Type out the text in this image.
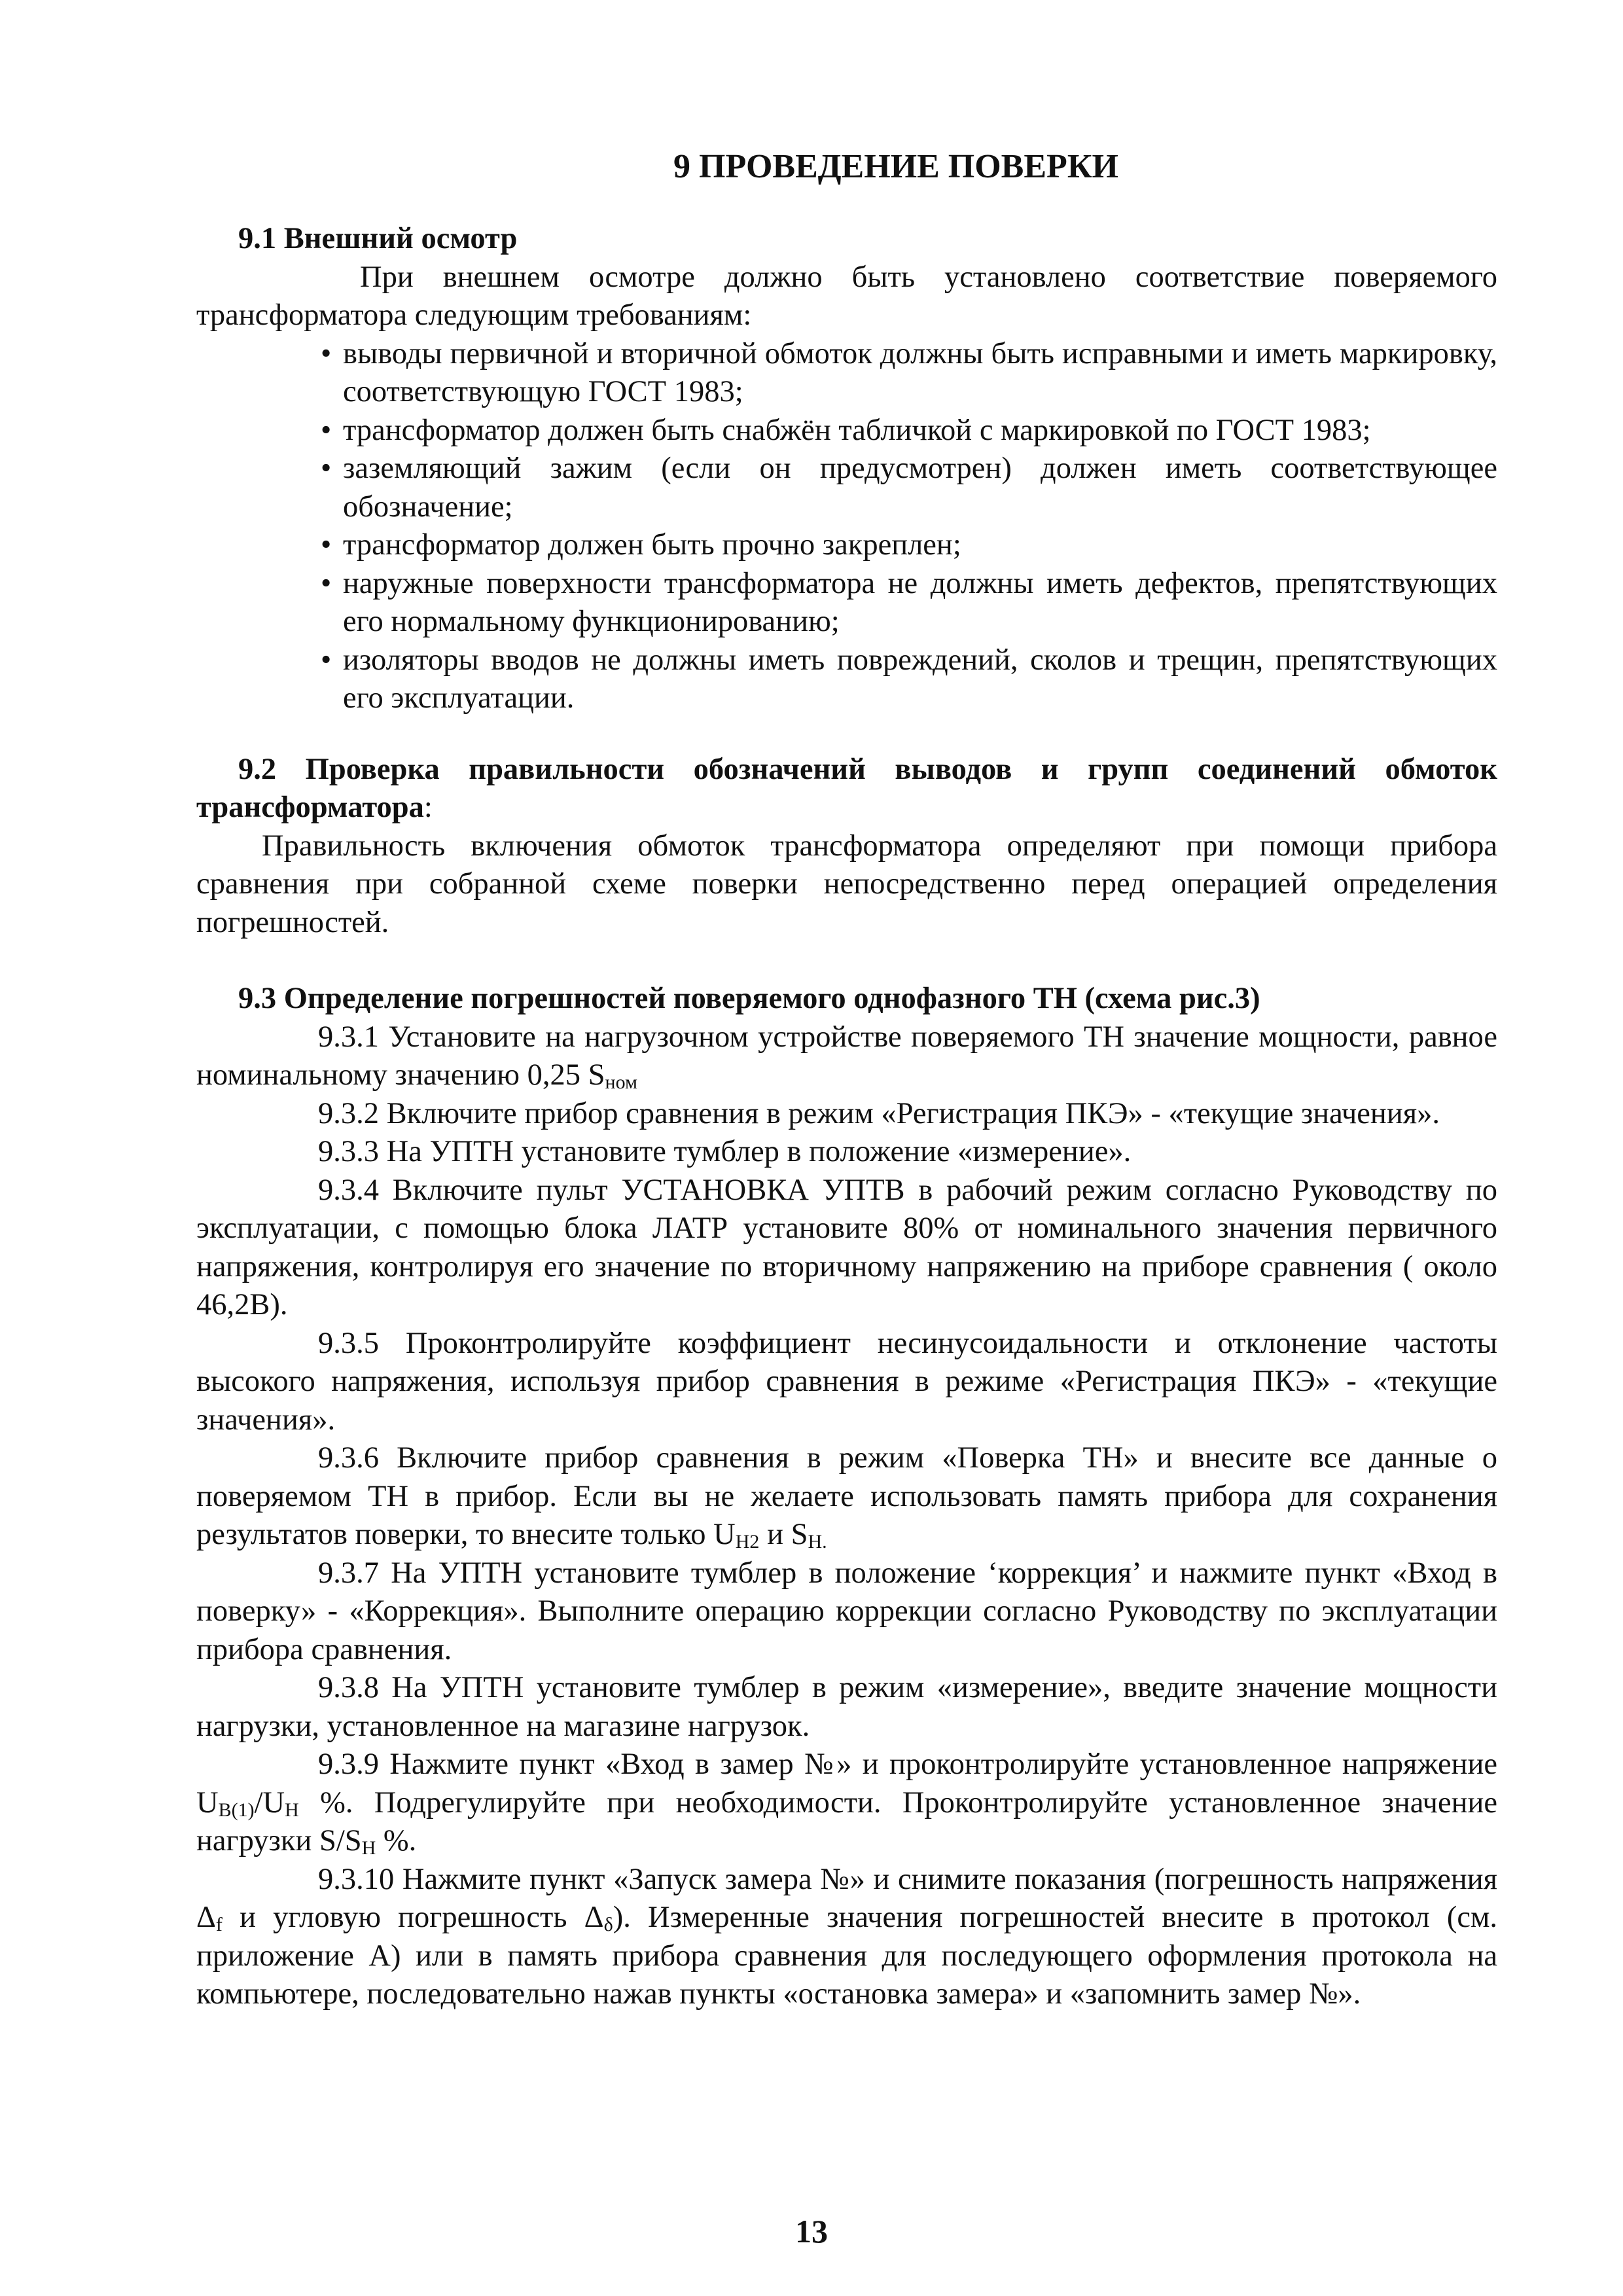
9 ПРОВЕДЕНИЕ ПОВЕРКИ
9.1 Внешний осмотр

При внешнем осмотре должно быть установлено соответствие поверяемого трансформатора следующим требованиям:

• выводы первичной и вторичной обмоток должны быть исправными и иметь маркировку, соответствующую ГОСТ 1983;
• трансформатор должен быть снабжён табличкой с маркировкой по ГОСТ 1983;
• заземляющий зажим (если он предусмотрен) должен иметь соответствующее обозначение;
• трансформатор должен быть прочно закреплен;
• наружные поверхности трансформатора не должны иметь дефектов, препятствующих его нормальному функционированию;
• изоляторы вводов не должны иметь повреждений, сколов и трещин, препятствующих его эксплуатации.
9.2 Проверка правильности обозначений выводов и групп соединений обмоток трансформатора:

Правильность включения обмоток трансформатора определяют при помощи прибора сравнения при собранной схеме поверки непосредственно перед операцией определения погрешностей.

9.3 Определение погрешностей поверяемого однофазного ТН (схема рис.3)

9.3.1 Установите на нагрузочном устройстве поверяемого ТН значение мощности, равное номинальному значению 0,25 $S_{ном}$

9.3.2 Включите прибор сравнения в режим «Регистрация ПКЭ» - «текущие значения».

9.3.3 На УПТН установите тумблер в положение «измерение».

9.3.4 Включите пульт УСТАНОВКА УПТВ в рабочий режим согласно Руководству по эксплуатации, с помощью блока ЛАТР установите 80% от номинального значения первичного напряжения, контролируя его значение по вторичному напряжению на приборе сравнения ( около 46,2В).

9.3.5 Проконтролируйте коэффициент несинусоидальности и отклонение частоты высокого напряжения, используя прибор сравнения в режиме «Регистрация ПКЭ» - «текущие значения».

9.3.6 Включите прибор сравнения в режим «Поверка ТН» и внесите все данные о поверяемом ТН в прибор. Если вы не желаете использовать память прибора для сохранения результатов поверки, то внесите только $U_{Н2}$ и $S_{Н.}$

9.3.7 На УПТН установите тумблер в положение ‘коррекция’ и нажмите пункт «Вход в поверку» - «Коррекция». Выполните операцию коррекции согласно Руководству по эксплуатации прибора сравнения.

9.3.8 На УПТН установите тумблер в режим «измерение», введите значение мощности нагрузки, установленное на магазине нагрузок.

9.3.9 Нажмите пункт «Вход в замер №» и проконтролируйте установленное напряжение $U_{B(1)}/U_H$ %. Подрегулируйте при необходимости. Проконтролируйте установленное значение нагрузки $S/S_H$ %.

9.3.10 Нажмите пункт «Запуск замера №» и снимите показания (погрешность напряжения $\Delta_f$ и угловую погрешность $\Delta_\delta$). Измеренные значения погрешностей внесите в протокол (см. приложение А) или в память прибора сравнения для последующего оформления протокола на компьютере, последовательно нажав пункты «остановка замера» и «запомнить замер №».

13
